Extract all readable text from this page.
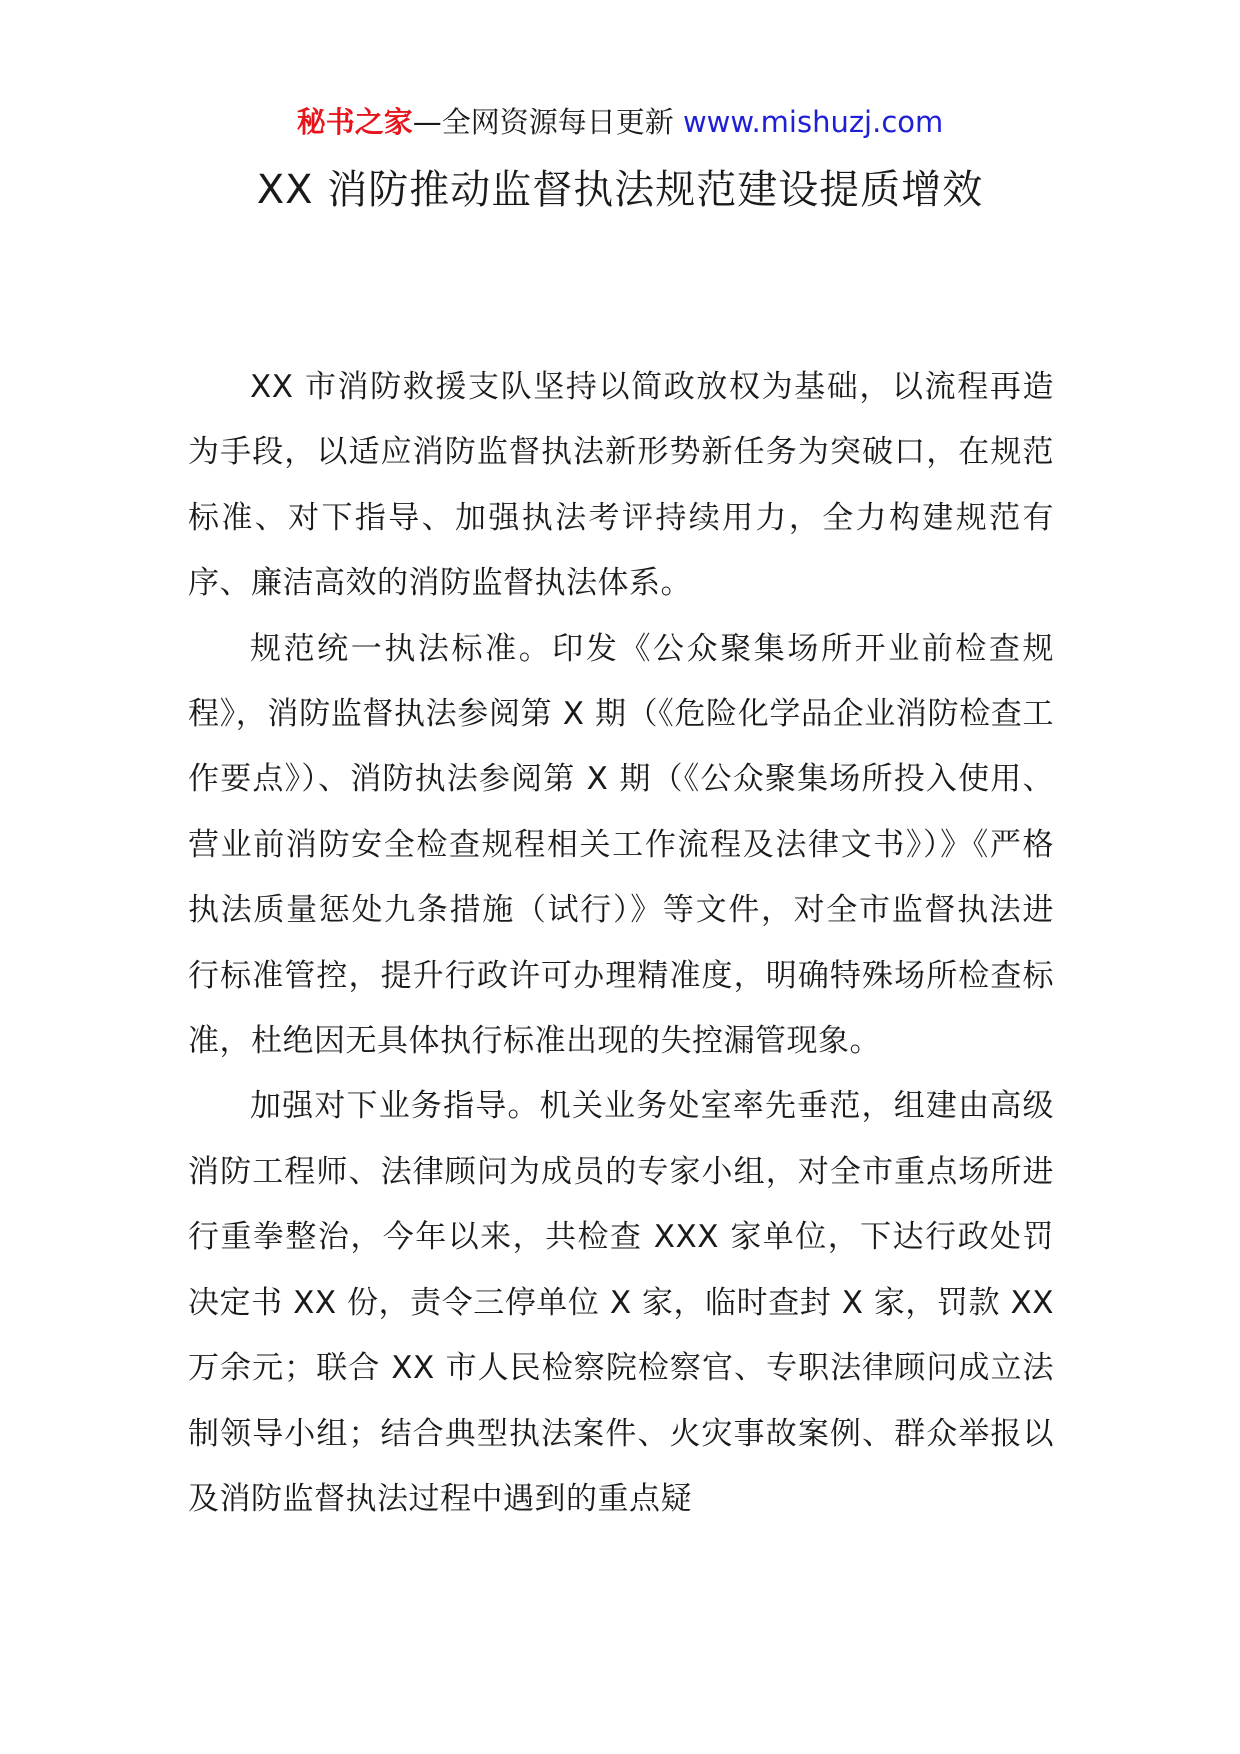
秘书之家—全网资源每日更新 www.mishuzj.com
XX 消防推动监督执法规范建设提质增效

XX 市消防救援支队坚持以简政放权为基础，以流程再造为手段，以适应消防监督执法新形势新任务为突破口，在规范标准、对下指导、加强执法考评持续用力，全力构建规范有序、廉洁高效的消防监督执法体系。

规范统一执法标准。印发《公众聚集场所开业前检查规程》，消防监督执法参阅第 X 期（《危险化学品企业消防检查工作要点》）、消防执法参阅第 X 期（《公众聚集场所投入使用、营业前消防安全检查规程相关工作流程及法律文书》）》《严格执法质量惩处九条措施（试行）》等文件，对全市监督执法进行标准管控，提升行政许可办理精准度，明确特殊场所检查标准，杜绝因无具体执行标准出现的失控漏管现象。

加强对下业务指导。机关业务处室率先垂范，组建由高级消防工程师、法律顾问为成员的专家小组，对全市重点场所进行重拳整治，今年以来，共检查 XXX 家单位，下达行政处罚决定书 XX 份，责令三停单位 X 家，临时查封 X 家，罚款 XX 万余元；联合 XX 市人民检察院检察官、专职法律顾问成立法制领导小组；结合典型执法案件、火灾事故案例、群众举报以及消防监督执法过程中遇到的重点疑
